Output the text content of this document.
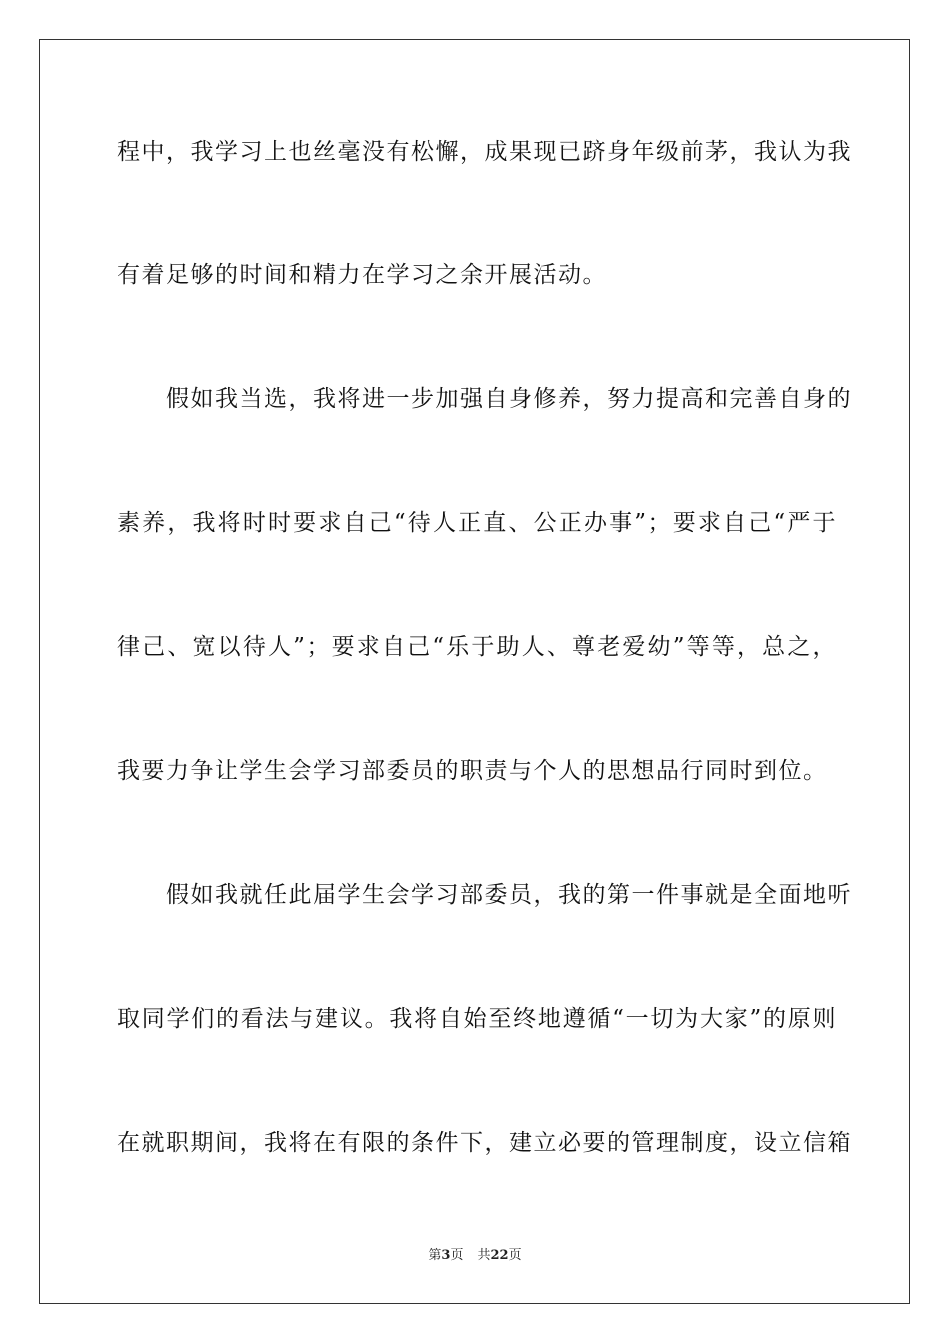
程中，我学习上也丝毫没有松懈，成果现已跻身年级前茅，我认为我
有着足够的时间和精力在学习之余开展活动。
　　假如我当选，我将进一步加强自身修养，努力提高和完善自身的
素养，我将时时要求自己“待人正直、公正办事”；要求自己“严于
律己、宽以待人”；要求自己“乐于助人、尊老爱幼”等等，总之，
我要力争让学生会学习部委员的职责与个人的思想品行同时到位。
　　假如我就任此届学生会学习部委员，我的第一件事就是全面地听
取同学们的看法与建议。我将自始至终地遵循“一切为大家”的原则
在就职期间，我将在有限的条件下，建立必要的管理制度，设立信箱
第3页 共22页
